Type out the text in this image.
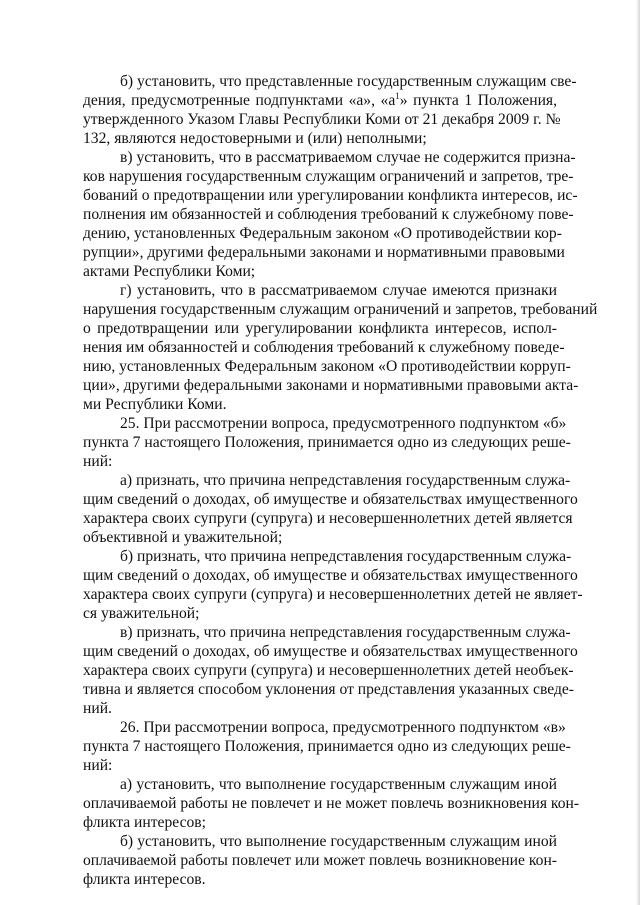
б) установить, что представленные государственным служащим све-
дения, предусмотренные подпунктами «а», «$а^1$» пункта 1 Положения,
утвержденного Указом Главы Республики Коми от 21 декабря 2009 г. №
132, являются недостоверными и (или) неполными;
в) установить, что в рассматриваемом случае не содержится призна-
ков нарушения государственным служащим ограничений и запретов, тре-
бований о предотвращении или урегулировании конфликта интересов, ис-
полнения им обязанностей и соблюдения требований к служебному пове-
дению, установленных Федеральным законом «О противодействии кор-
рупции», другими федеральными законами и нормативными правовыми
актами Республики Коми;
г) установить, что в рассматриваемом случае имеются признаки
нарушения государственным служащим ограничений и запретов, требований
о предотвращении или урегулировании конфликта интересов, испол-
нения им обязанностей и соблюдения требований к служебному поведе-
нию, установленных Федеральным законом «О противодействии корруп-
ции», другими федеральными законами и нормативными правовыми акта-
ми Республики Коми.
25. При рассмотрении вопроса, предусмотренного подпунктом «б»
пункта 7 настоящего Положения, принимается одно из следующих реше-
ний:
а) признать, что причина непредставления государственным служа-
щим сведений о доходах, об имуществе и обязательствах имущественного
характера своих супруги (супруга) и несовершеннолетних детей является
объективной и уважительной;
б) признать, что причина непредставления государственным служа-
щим сведений о доходах, об имуществе и обязательствах имущественного
характера своих супруги (супруга) и несовершеннолетних детей не являет-
ся уважительной;
в) признать, что причина непредставления государственным служа-
щим сведений о доходах, об имуществе и обязательствах имущественного
характера своих супруги (супруга) и несовершеннолетних детей необъек-
тивна и является способом уклонения от представления указанных сведе-
ний.
26. При рассмотрении вопроса, предусмотренного подпунктом «в»
пункта 7 настоящего Положения, принимается одно из следующих реше-
ний:
а) установить, что выполнение государственным служащим иной
оплачиваемой работы не повлечет и не может повлечь возникновения кон-
фликта интересов;
б) установить, что выполнение государственным служащим иной
оплачиваемой работы повлечет или может повлечь возникновение кон-
фликта интересов.
